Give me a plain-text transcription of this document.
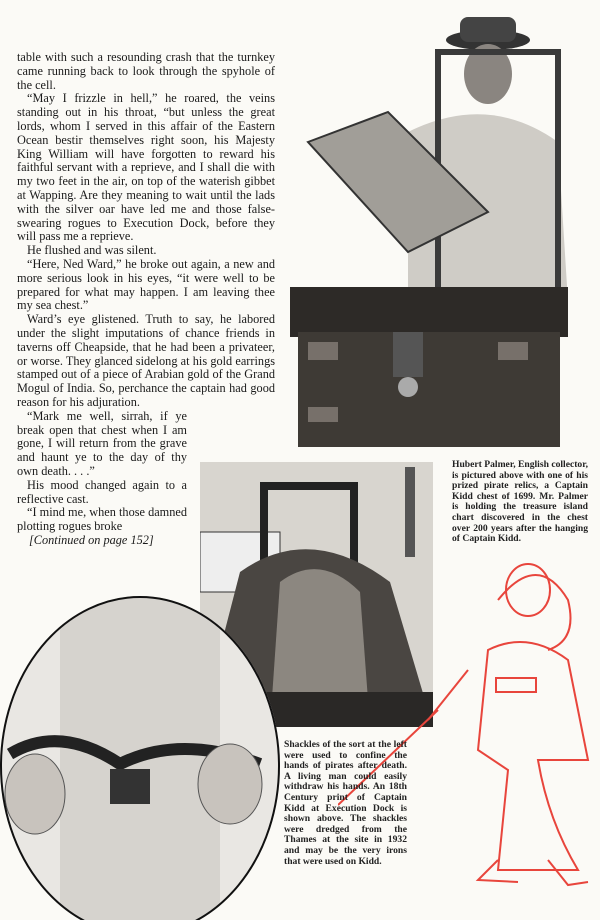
table with such a resounding crash that the turnkey came running back to look through the spyhole of the cell.

“May I frizzle in hell,” he roared, the veins standing out in his throat, “but unless the great lords, whom I served in this affair of the Eastern Ocean bestir themselves right soon, his Majesty King William will have forgotten to reward his faithful servant with a reprieve, and I shall die with my two feet in the air, on top of the waterish gibbet at Wapping. Are they meaning to wait until the lads with the silver oar have led me and those false-swearing rogues to Execution Dock, before they will pass me a reprieve.

He flushed and was silent.

“Here, Ned Ward,” he broke out again, a new and more serious look in his eyes, “it were well to be prepared for what may happen. I am leaving thee my sea chest.”

Ward’s eye glistened. Truth to say, he labored under the slight imputations of chance friends in taverns off Cheapside, that he had been a privateer, or worse. They glanced sidelong at his gold earrings stamped out of a piece of Arabian gold of the Grand Mogul of India. So, perchance the captain had good reason for his adjuration.

“Mark me well, sirrah, if ye break open that chest when I am gone, I will return from the grave and haunt ye to the day of thy own death. . . .”

His mood changed again to a reflective cast.

“I mind me, when those damned plotting rogues broke

[Continued on page 152]

Hubert Palmer, English collector, is pictured above with one of his prized pirate relics, a Captain Kidd chest of 1699. Mr. Palmer is holding the treasure island chart discovered in the chest over 200 years after the hanging of Captain Kidd.
Shackles of the sort at the left were used to confine the hands of pirates after death. A living man could easily withdraw his hands. An 18th Century print of Captain Kidd at Execution Dock is shown above. The shackles were dredged from the Thames at the site in 1932 and may be the very irons that were used on Kidd.
